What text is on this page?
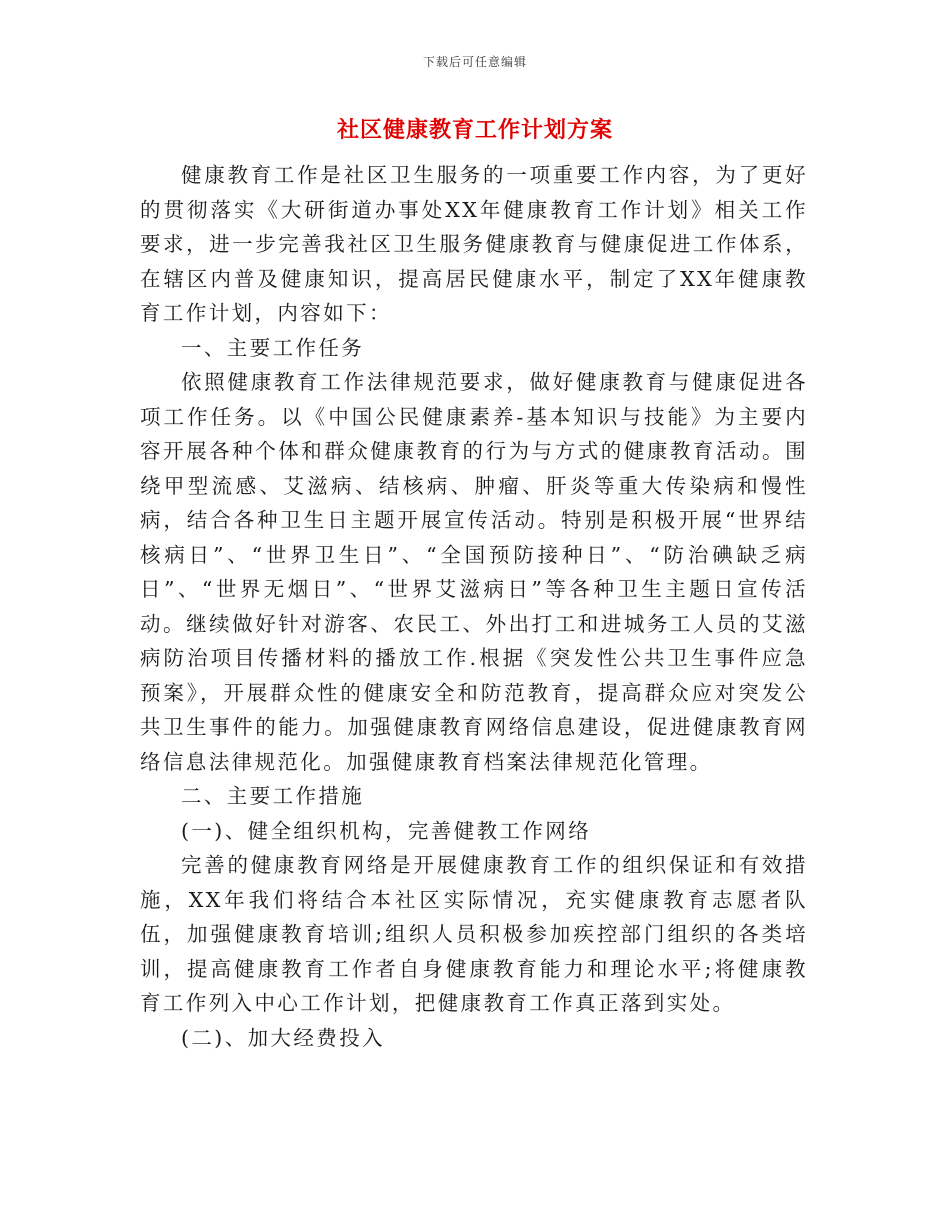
下载后可任意编辑
社区健康教育工作计划方案

健康教育工作是社区卫生服务的一项重要工作内容，为了更好的贯彻落实《大研街道办事处XX年健康教育工作计划》相关工作要求，进一步完善我社区卫生服务健康教育与健康促进工作体系，在辖区内普及健康知识，提高居民健康水平，制定了XX年健康教育工作计划，内容如下：

一、主要工作任务

依照健康教育工作法律规范要求，做好健康教育与健康促进各项工作任务。以《中国公民健康素养-基本知识与技能》为主要内容开展各种个体和群众健康教育的行为与方式的健康教育活动。围绕甲型流感、艾滋病、结核病、肿瘤、肝炎等重大传染病和慢性病，结合各种卫生日主题开展宣传活动。特别是积极开展“世界结核病日”、“世界卫生日”、“全国预防接种日”、“防治碘缺乏病日”、“世界无烟日”、“世界艾滋病日”等各种卫生主题日宣传活动。继续做好针对游客、农民工、外出打工和进城务工人员的艾滋病防治项目传播材料的播放工作.根据《突发性公共卫生事件应急预案》，开展群众性的健康安全和防范教育，提高群众应对突发公共卫生事件的能力。加强健康教育网络信息建设，促进健康教育网络信息法律规范化。加强健康教育档案法律规范化管理。

二、主要工作措施

(一)、健全组织机构，完善健教工作网络

完善的健康教育网络是开展健康教育工作的组织保证和有效措施，XX年我们将结合本社区实际情况，充实健康教育志愿者队伍，加强健康教育培训;组织人员积极参加疾控部门组织的各类培训，提高健康教育工作者自身健康教育能力和理论水平;将健康教育工作列入中心工作计划，把健康教育工作真正落到实处。

(二)、加大经费投入
